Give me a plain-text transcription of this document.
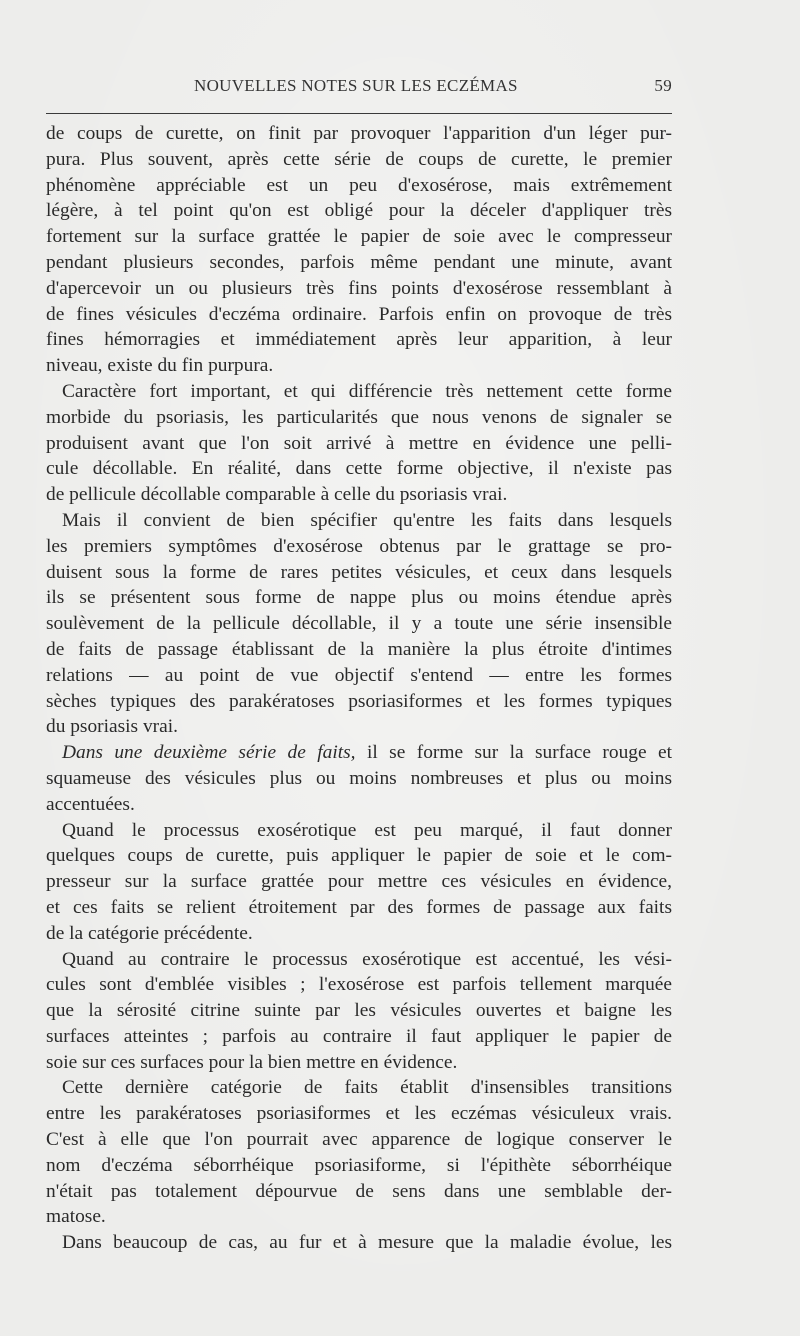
NOUVELLES NOTES SUR LES ECZÉMAS	59
de coups de curette, on finit par provoquer l'apparition d'un léger pur-
pura. Plus souvent, après cette série de coups de curette, le premier
phénomène appréciable est un peu d'exosérose, mais extrêmement
légère, à tel point qu'on est obligé pour la déceler d'appliquer très
fortement sur la surface grattée le papier de soie avec le compresseur
pendant plusieurs secondes, parfois même pendant une minute, avant
d'apercevoir un ou plusieurs très fins points d'exosérose ressemblant à
de fines vésicules d'eczéma ordinaire. Parfois enfin on provoque de très
fines hémorragies et immédiatement après leur apparition, à leur
niveau, existe du fin purpura.
Caractère fort important, et qui différencie très nettement cette forme
morbide du psoriasis, les particularités que nous venons de signaler se
produisent avant que l'on soit arrivé à mettre en évidence une pelli-
cule décollable. En réalité, dans cette forme objective, il n'existe pas
de pellicule décollable comparable à celle du psoriasis vrai.
Mais il convient de bien spécifier qu'entre les faits dans lesquels
les premiers symptômes d'exosérose obtenus par le grattage se pro-
duisent sous la forme de rares petites vésicules, et ceux dans lesquels
ils se présentent sous forme de nappe plus ou moins étendue après
soulèvement de la pellicule décollable, il y a toute une série insensible
de faits de passage établissant de la manière la plus étroite d'intimes
relations — au point de vue objectif s'entend — entre les formes
sèches typiques des parakératoses psoriasiformes et les formes typiques
du psoriasis vrai.
Dans une deuxième série de faits, il se forme sur la surface rouge et
squameuse des vésicules plus ou moins nombreuses et plus ou moins
accentuées.
Quand le processus exosérotique est peu marqué, il faut donner
quelques coups de curette, puis appliquer le papier de soie et le com-
presseur sur la surface grattée pour mettre ces vésicules en évidence,
et ces faits se relient étroitement par des formes de passage aux faits
de la catégorie précédente.
Quand au contraire le processus exosérotique est accentué, les vési-
cules sont d'emblée visibles ; l'exosérose est parfois tellement marquée
que la sérosité citrine suinte par les vésicules ouvertes et baigne les
surfaces atteintes ; parfois au contraire il faut appliquer le papier de
soie sur ces surfaces pour la bien mettre en évidence.
Cette dernière catégorie de faits établit d'insensibles transitions
entre les parakératoses psoriasiformes et les eczémas vésiculeux vrais.
C'est à elle que l'on pourrait avec apparence de logique conserver le
nom d'eczéma séborrhéique psoriasiforme, si l'épithète séborrhéique
n'était pas totalement dépourvue de sens dans une semblable der-
matose.
Dans beaucoup de cas, au fur et à mesure que la maladie évolue, les
